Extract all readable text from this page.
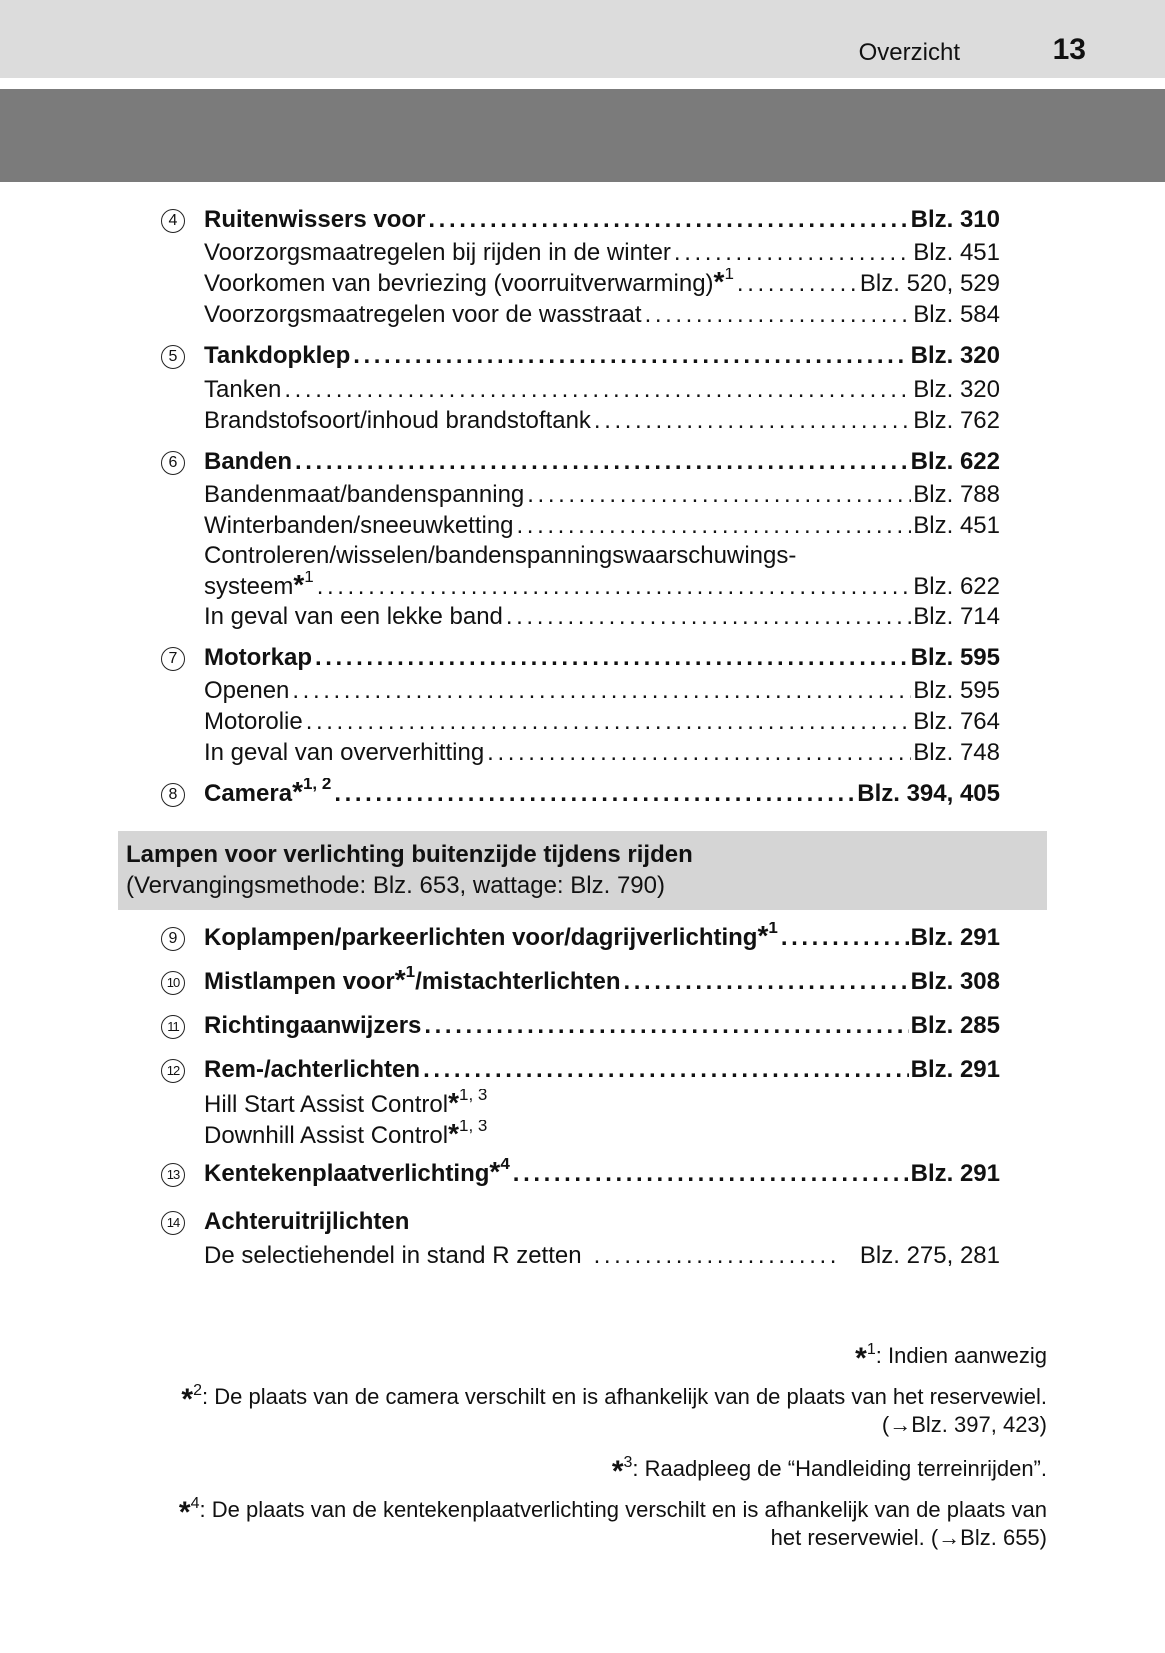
Overzicht	13
4	Ruitenwissers voor .....	Blz. 310
Voorzorgsmaatregelen bij rijden in de winter .....	Blz. 451
Voorkomen van bevriezing (voorruitverwarming)*$^1$ .....	Blz. 520, 529
Voorzorgsmaatregelen voor de wasstraat .....	Blz. 584
5	Tankdopklep .....	Blz. 320
Tanken .....	Blz. 320
Brandstofsoort/inhoud brandstoftank .....	Blz. 762
6	Banden .....	Blz. 622
Bandenmaat/bandenspanning .....	Blz. 788
Winterbanden/sneeuwketting .....	Blz. 451
Controleren/wisselen/bandenspanningswaarschuwings-
systeem*$^1$ .....	Blz. 622
In geval van een lekke band .....	Blz. 714
7	Motorkap .....	Blz. 595
Openen .....	Blz. 595
Motorolie .....	Blz. 764
In geval van oververhitting .....	Blz. 748
8	Camera*$^{1, 2}$ .....	Blz. 394, 405
Lampen voor verlichting buitenzijde tijdens rijden
(Vervangingsmethode: Blz. 653, wattage: Blz. 790)
9	Koplampen/parkeerlichten voor/dagrijverlichting*$^1$ .....	Blz. 291
10 Mistlampen voor*$^1$/mistachterlichten .....	Blz. 308
11 Richtingaanwijzers .....	Blz. 285
12 Rem-/achterlichten .....	Blz. 291
Hill Start Assist Control*$^{1, 3}$
Downhill Assist Control*$^{1, 3}$
13 Kentekenplaatverlichting*$^4$ .....	Blz. 291
14 Achteruitrijlichten
De selectiehendel in stand R zetten .....	Blz. 275, 281
*$^1$: Indien aanwezig
*$^2$: De plaats van de camera verschilt en is afhankelijk van de plaats van het reservewiel.
(→Blz. 397, 423)
*$^3$: Raadpleeg de “Handleiding terreinrijden”.
*$^4$: De plaats van de kentekenplaatverlichting verschilt en is afhankelijk van de plaats van
het reservewiel. (→Blz. 655)
